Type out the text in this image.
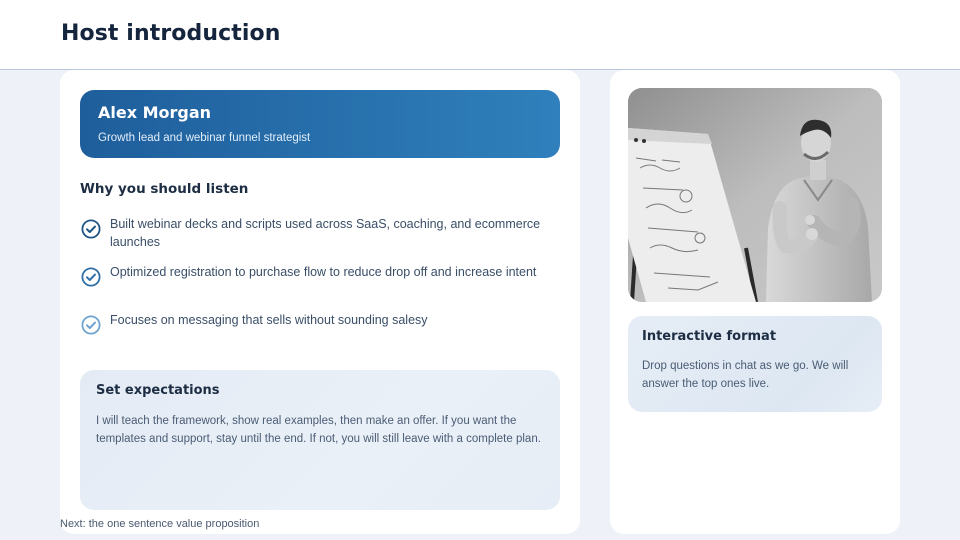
Host introduction
Alex Morgan
Growth lead and webinar funnel strategist
Why you should listen
Built webinar decks and scripts used across SaaS, coaching, and ecommerce launches
Optimized registration to purchase flow to reduce drop off and increase intent
Focuses on messaging that sells without sounding salesy
Set expectations
I will teach the framework, show real examples, then make an offer. If you want the templates and support, stay until the end. If not, you will still leave with a complete plan.
Next: the one sentence value proposition
Interactive format
Drop questions in chat as we go. We will answer the top ones live.
